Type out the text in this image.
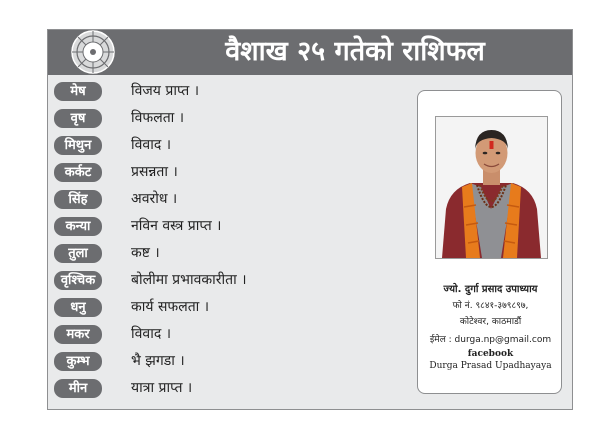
वैशाख २५ गतेको राशिफल
मेष	विजय प्राप्त ।
वृष	विफलता ।
मिथुन	विवाद ।
कर्कट	प्रसन्नता ।
सिंह	अवरोध ।
कन्या	नविन वस्त्र प्राप्त ।
तुला	कष्ट ।
वृश्चिक	बोलीमा प्रभावकारीता ।
धनु	कार्य सफलता ।
मकर	विवाद ।
कुम्भ	भै झगडा ।
मीन	यात्रा प्राप्त ।
ज्यो. दुर्गा प्रसाद उपाध्याय
फो नं. ९८४१-३७९८९७,
कोटेश्वर, काठमाडौं
ईमेल : durga.np@gmail.com
facebook
Durga Prasad Upadhayaya
